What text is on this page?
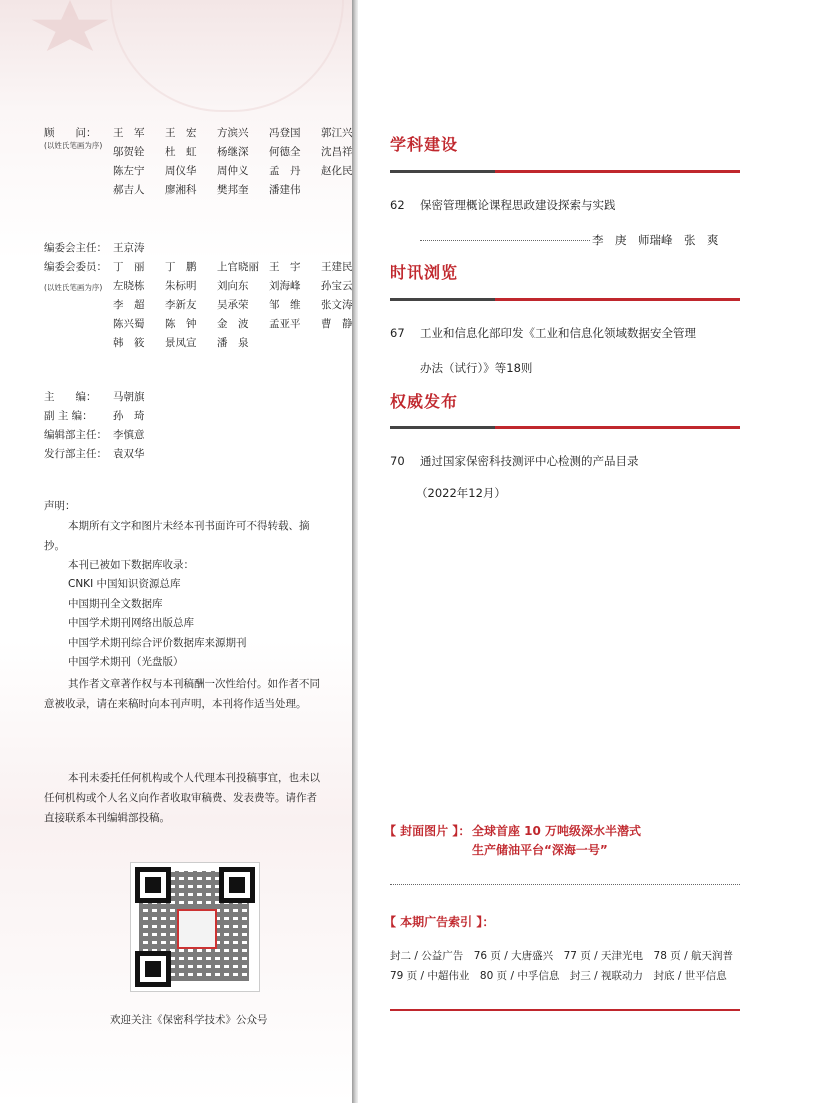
顾　　问：
(以姓氏笔画为序)
王　军	王　宏	方滨兴	冯登国	郭江兴
邬贺铨	杜　虹	杨继深	何德全	沈昌祥
陈左宁	周仪华	周仲义	孟　丹	赵化民
郝吉人	廖湘科	樊邦奎	潘建伟
编委会主任： 王京涛
编委会委员：
(以姓氏笔画为序)
丁　丽	丁　鹏	上官晓丽 王　宇	王建民
左晓栋	朱标明	刘向东	刘海峰	孙宝云
李　超	李新友	吴承荣	邹　维	张文涛
陈兴蜀	陈　钟	金　波	孟亚平	曹　静
韩　筱	景凤宣	潘　泉
主　　编： 马朝旗
副 主 编： 孙　琦
编辑部主任： 李慎意
发行部主任： 袁双华
声明：
本期所有文字和图片未经本刊书面许可不得转载、摘抄。
本刊已被如下数据库收录：
CNKI 中国知识资源总库
中国期刊全文数据库
中国学术期刊网络出版总库
中国学术期刊综合评价数据库来源期刊
中国学术期刊（光盘版）
其作者文章著作权与本刊稿酬一次性给付。如作者不同意被收录，请在来稿时向本刊声明，本刊将作适当处理。
本刊未委托任何机构或个人代理本刊投稿事宜，也未以任何机构或个人名义向作者收取审稿费、发表费等。请作者直接联系本刊编辑部投稿。
欢迎关注《保密科学技术》公众号
学科建设
62 保密管理概论课程思政建设探索与实践
李　庚　师瑞峰　张　爽
时讯浏览
67 工业和信息化部印发《工业和信息化领域数据安全管理
办法（试行）》等18则
权威发布
70 通过国家保密科技测评中心检测的产品目录
（2022年12月）
【 封面图片 】： 全球首座 10 万吨级深水半潜式
生产储油平台“深海一号”
【 本期广告索引 】：
封二 / 公益广告　76 页 / 大唐盛兴　77 页 / 天津光电　78 页 / 航天润普
79 页 / 中超伟业　80 页 / 中孚信息　封三 / 视联动力　封底 / 世平信息
